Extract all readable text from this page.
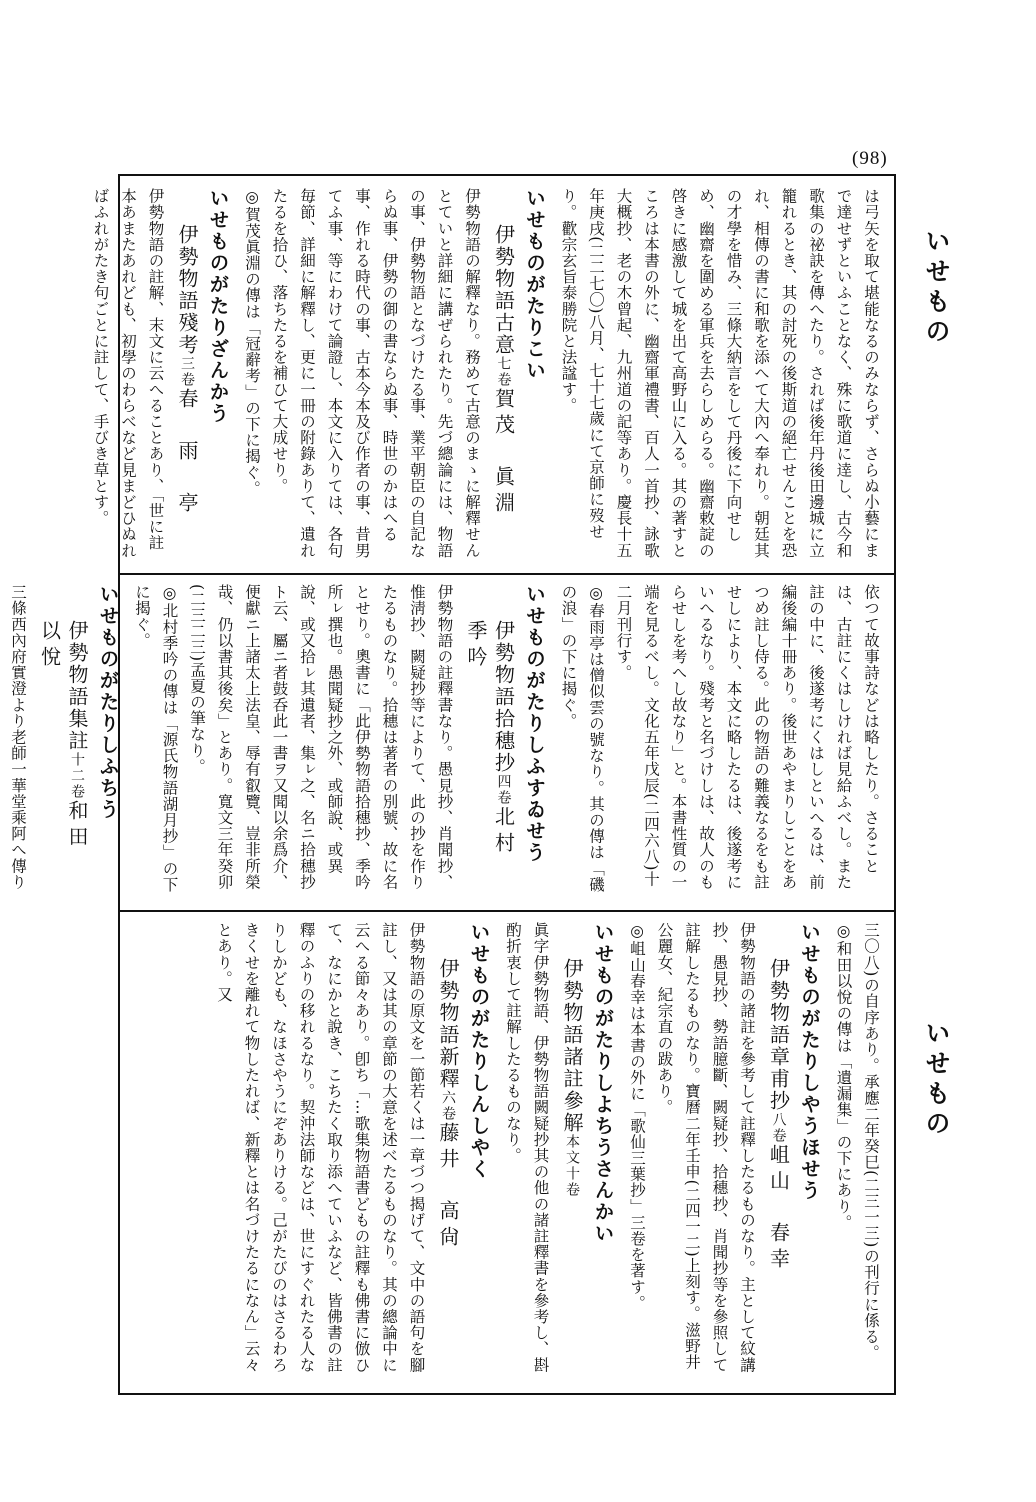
(98)
いせもの
いせもの

は弓矢を取て堪能なるのみならず、さらぬ小藝にまで達せずといふことなく、殊に歌道に逹し、古今和歌集の祕訣を傳へたり。されば後年丹後田邊城に立籠れるとき、其の討死の後斯道の絕亡せんことを恐れ、相傳の書に和歌を添へて大內へ奉れり。朝廷其の才學を惜み、三條大納言をして丹後に下向せしめ、幽齋を圍める軍兵を去らしめらる。幽齋敕諚の啓きに感激して城を出て高野山に入る。其の著すところは本書の外に、幽齋軍禮書、百人一首抄、詠歌大概抄、老の木曾起、九州道の記等あり。慶長十五年庚戌(二二七〇)八月、七十七歲にて京師に歿せり。歡宗玄旨泰勝院と法諡す。

いせものがたりこい
伊勢物語古意七卷賀茂　眞淵

伊勢物語の解釋なり。務めて古意のまゝに解釋せんとていと詳細に講ぜられたり。先づ總論には、物語の事、伊勢物語となづけたる事、業平朝臣の自記ならぬ事、伊勢の御の書ならぬ事、時世のかはへる事、作れる時代の事、古本今本及び作者の事、昔男てふ事、等にわけて論證し、本文に入りては、各句毎節、詳細に解釋し、更に一冊の附錄ありて、遺れたるを拾ひ、落ちたるを補ひて大成せり。

◎賀茂眞淵の傳は「冠辭考」の下に揭ぐ。

いせものがたりざんかう
伊勢物語殘考三卷春　雨　亭

伊勢物語の註解、末文に云へることあり、「世に註本あまたあれども、初學のわらべなど見まどひぬればふれがたき句ごとに註して、手びき草とす。

依つて故事詩などは略したり。さることは、古註にくはしければ見給ふべし。また註の中に、後遂考にくはしといへるは、前編後編十冊あり。後世あやまりしことをあつめ註し侍る。此の物語の難義なるをも註せしにより、本文に略したるは、後遂考にいへるなり。殘考と名づけしは、故人のもらせしを考へし故なり」と。本書性質の一端を見るべし。文化五年戊辰(二四六八)十二月刊行す。

◎春雨亭は僧似雲の號なり。其の傳は「磯の浪」の下に揭ぐ。

いせものがたりしふすゐせう
伊勢物語拾穗抄四卷北村　季吟

伊勢物語の註釋書なり。愚見抄、肖聞抄、惟淸抄、闕疑抄等によりて、此の抄を作りたるものなり。拾穗は著者の別號、故に名とせり。奧書に「此伊勢物語拾穗抄、季吟所ㇾ撰也。愚聞疑抄之外、或師說、或異說、或又拾ㇾ其遺者、集ㇾ之、名ニ拾穗抄ト云、屬ニ者鼓呑此一書ヲ又聞以余爲介、便獻ニ上諸太上法皇、辱有叡覽、豈非所榮哉、仍以書其後矣」とあり。寬文三年癸卯(二三二三)孟夏の筆なり。

◎北村季吟の傳は「源氏物語湖月抄」の下に揭ぐ。

いせものがたりしふちう
伊勢物語集註十二卷和田　以悅

三條西內府實澄より老師一華堂乘阿へ傳り

三〇八)の自序あり。承應二年癸巳(二三一三)の刊行に係る。

◎和田以悅の傳は「遺漏集」の下にあり。

いせものがたりしやうほせう
伊勢物語章甫抄八卷岨山　春幸

伊勢物語の諸註を參考して註釋したるものなり。主として紋講抄、愚見抄、勢語臆斷、闕疑抄、拾穗抄、肖聞抄等を參照して註解したるものなり。寶曆二年壬申(二四一二)上刻す。滋野井公麗女、紀宗直の跋あり。

◎岨山春幸は本書の外に「歌仙三葉抄」三卷を著す。

いせものがたりしよちうさんかい
伊勢物語諸註參解本文十卷

眞字伊勢物語、伊勢物語闕疑抄其の他の諸註釋書を參考し、斟酌折衷して註解したるものなり。

いせものがたりしんしやく
伊勢物語新釋六卷藤井　高尙

伊勢物語の原文を一節若くは一章づつ揭げて、文中の語句を腳註し、又は其の章節の大意を述べたるものなり。其の總論中に云へる節々あり。卽ち「…歌集物語書どもの註釋も佛書に倣ひて、なにかと說き、こちたく取り添へていふなど、皆佛書の註釋のふりの移れるなり。契沖法師などは、世にすぐれたる人なりしかども、なほさやうにぞありける。己がたびのはさるわろきくせを離れて物したれば、新釋とは名づけたるになん」云々とあり。又
